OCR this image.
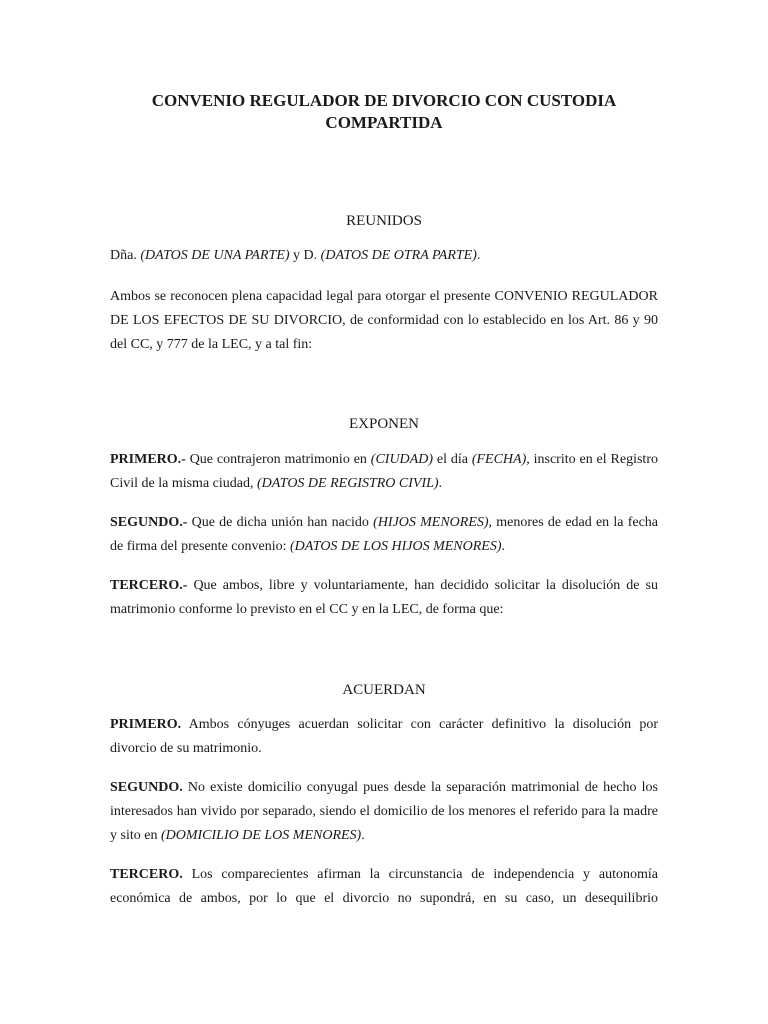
CONVENIO REGULADOR DE DIVORCIO CON CUSTODIA
COMPARTIDA
REUNIDOS

Dña. (DATOS DE UNA PARTE) y D. (DATOS DE OTRA PARTE).

Ambos se reconocen plena capacidad legal para otorgar el presente CONVENIO REGULADOR DE LOS EFECTOS DE SU DIVORCIO, de conformidad con lo establecido en los Art. 86 y 90 del CC, y 777 de la LEC, y a tal fin:

EXPONEN

PRIMERO.- Que contrajeron matrimonio en (CIUDAD) el día (FECHA), inscrito en el Registro Civil de la misma ciudad, (DATOS DE REGISTRO CIVIL).

SEGUNDO.- Que de dicha unión han nacido (HIJOS MENORES), menores de edad en la fecha de firma del presente convenio: (DATOS DE LOS HIJOS MENORES).

TERCERO.- Que ambos, libre y voluntariamente, han decidido solicitar la disolución de su matrimonio conforme lo previsto en el CC y en la LEC, de forma que:

ACUERDAN

PRIMERO. Ambos cónyuges acuerdan solicitar con carácter definitivo la disolución por divorcio de su matrimonio.

SEGUNDO. No existe domicilio conyugal pues desde la separación matrimonial de hecho los interesados han vivido por separado, siendo el domicilio de los menores el referido para la madre y sito en (DOMICILIO DE LOS MENORES).

TERCERO. Los comparecientes afirman la circunstancia de independencia y autonomía económica de ambos, por lo que el divorcio no supondrá, en su caso, un desequilibrio
